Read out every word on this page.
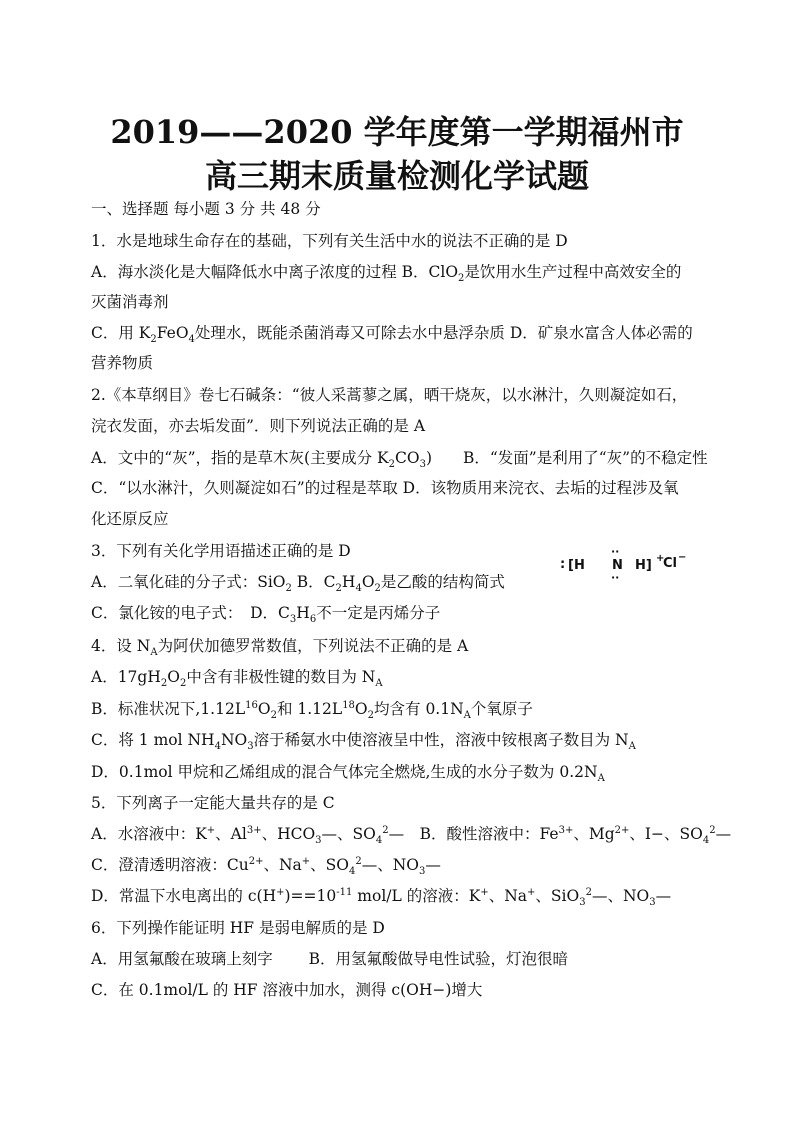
2019——2020 学年度第一学期福州市
高三期末质量检测化学试题
一、选择题 每小题 3 分 共 48 分
1．水是地球生命存在的基础，下列有关生活中水的说法不正确的是 D
A．海水淡化是大幅降低水中离子浓度的过程 B．ClO$_2$是饮用水生产过程中高效安全的
灭菌消毒剂
C．用 $K_2FeO_4$处理水，既能杀菌消毒又可除去水中悬浮杂质 D．矿泉水富含人体必需的
营养物质
2.《本草纲目》卷七石碱条：“彼人采蒿蓼之属，晒干烧灰，以水淋汁，久则凝淀如石，
浣衣发面，亦去垢发面”．则下列说法正确的是 A
A．文中的“灰”，指的是草木灰(主要成分 $K_2CO_3$)　　B．“发面”是利用了“灰”的不稳定性
C．“以水淋汁，久则凝淀如石”的过程是萃取 D．该物质用来浣衣、去垢的过程涉及氧
化还原反应
3．下列有关化学用语描述正确的是 D
A．二氧化硅的分子式：SiO$_2$ B．$C_2H_4O_2$是乙酸的结构简式
C．氯化铵的电子式：　D．$C_3H_6$不一定是丙烯分子
: [H
··
N
··
H] +
Cl −
4．设 $N_A$为阿伏加德罗常数值，下列说法不正确的是 A
A．$17gH_2O_2$中含有非极性键的数目为 $N_A$
B．标准状况下$,1.12L^{16}O_2$和 $1.12L^{18}O_2$均含有 $0.1N_A$个氧原子
C．将 1 mol $NH_4NO_3$溶于稀氨水中使溶液呈中性，溶液中铵根离子数目为 $N_A$
D．0.1mol 甲烷和乙烯组成的混合气体完全燃烧,生成的水分子数为 $0.2N_A$
5．下列离子一定能大量共存的是 C
A．水溶液中：K+、$Al^{3+}$、$HCO_3—$、$SO_4^2—$　B．酸性溶液中：$Fe^{3+}$、$Mg^{2+}$、I−、$SO_4^2—$
C．澄清透明溶液：$Cu^{2+}$、Na+、$SO_4^2—$、$NO_3—$
D．常温下水电离出的 $c(H^+)==10^{-11}$ mol/L 的溶液：K+、Na+、SiO$_3^2$—、$NO_3—$
6．下列操作能证明 HF 是弱电解质的是 D
A．用氢氟酸在玻璃上刻字　　 B．用氢氟酸做导电性试验，灯泡很暗
C．在 0.1mol/L 的 HF 溶液中加水，测得 c(OH−)增大
